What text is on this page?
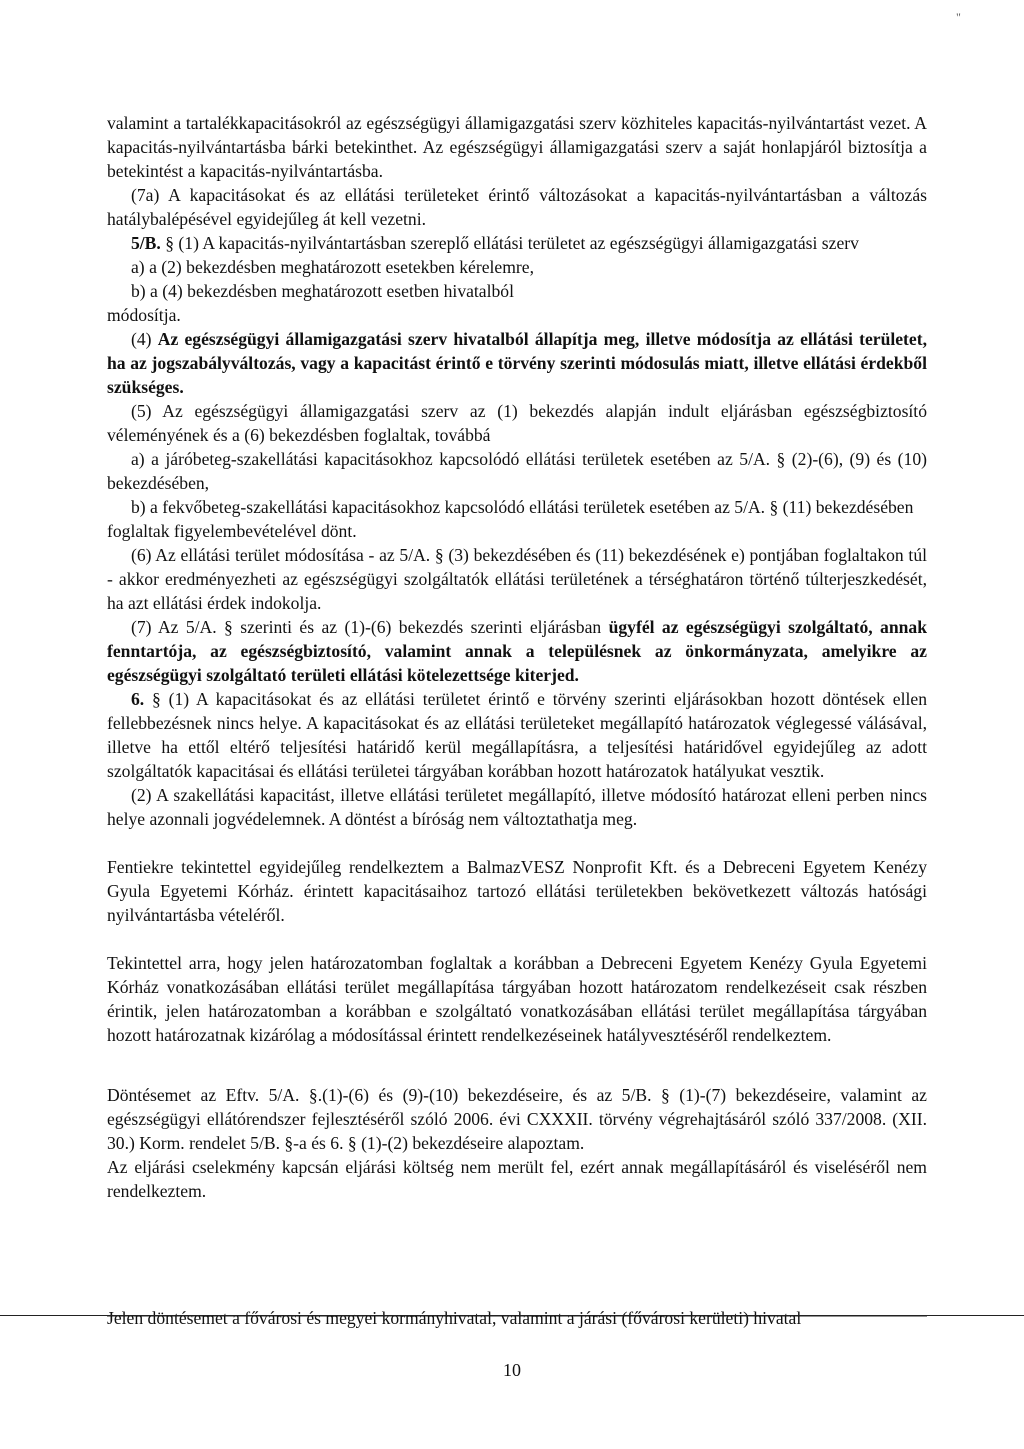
"

valamint a tartalékkapacitásokról az egészségügyi államigazgatási szerv közhiteles kapacitás-nyilvántartást vezet. A kapacitás-nyilvántartásba bárki betekinthet. Az egészségügyi államigazgatási szerv a saját honlapjáról biztosítja a betekintést a kapacitás-nyilvántartásba.

(7a) A kapacitásokat és az ellátási területeket érintő változásokat a kapacitás-nyilvántartásban a változás hatálybalépésével egyidejűleg át kell vezetni.

5/B. § (1) A kapacitás-nyilvántartásban szereplő ellátási területet az egészségügyi államigazgatási szerv

a) a (2) bekezdésben meghatározott esetekben kérelemre,

b) a (4) bekezdésben meghatározott esetben hivatalból

módosítja.

(4) Az egészségügyi államigazgatási szerv hivatalból állapítja meg, illetve módosítja az ellátási területet, ha az jogszabályváltozás, vagy a kapacitást érintő e törvény szerinti módosulás miatt, illetve ellátási érdekből szükséges.

(5) Az egészségügyi államigazgatási szerv az (1) bekezdés alapján indult eljárásban egészségbiztosító véleményének és a (6) bekezdésben foglaltak, továbbá

a) a járóbeteg-szakellátási kapacitásokhoz kapcsolódó ellátási területek esetében az 5/A. § (2)-(6), (9) és (10) bekezdésében,

b) a fekvőbeteg-szakellátási kapacitásokhoz kapcsolódó ellátási területek esetében az 5/A. § (11) bekezdésében

foglaltak figyelembevételével dönt.

(6) Az ellátási terület módosítása - az 5/A. § (3) bekezdésében és (11) bekezdésének e) pontjában foglaltakon túl - akkor eredményezheti az egészségügyi szolgáltatók ellátási területének a térséghatáron történő túlterjeszkedését, ha azt ellátási érdek indokolja.

(7) Az 5/A. § szerinti és az (1)-(6) bekezdés szerinti eljárásban ügyfél az egészségügyi szolgáltató, annak fenntartója, az egészségbiztosító, valamint annak a településnek az önkormányzata, amelyikre az egészségügyi szolgáltató területi ellátási kötelezettsége kiterjed.

6. § (1) A kapacitásokat és az ellátási területet érintő e törvény szerinti eljárásokban hozott döntések ellen fellebbezésnek nincs helye. A kapacitásokat és az ellátási területeket megállapító határozatok véglegessé válásával, illetve ha ettől eltérő teljesítési határidő kerül megállapításra, a teljesítési határidővel egyidejűleg az adott szolgáltatók kapacitásai és ellátási területei tárgyában korábban hozott határozatok hatályukat vesztik.

(2) A szakellátási kapacitást, illetve ellátási területet megállapító, illetve módosító határozat elleni perben nincs helye azonnali jogvédelemnek. A döntést a bíróság nem változtathatja meg.

Fentiekre tekintettel egyidejűleg rendelkeztem a BalmazVESZ Nonprofit Kft. és a Debreceni Egyetem Kenézy Gyula Egyetemi Kórház. érintett kapacitásaihoz tartozó ellátási területekben bekövetkezett változás hatósági nyilvántartásba vételéről.

Tekintettel arra, hogy jelen határozatomban foglaltak a korábban a Debreceni Egyetem Kenézy Gyula Egyetemi Kórház vonatkozásában ellátási terület megállapítása tárgyában hozott határozatom rendelkezéseit csak részben érintik, jelen határozatomban a korábban e szolgáltató vonatkozásában ellátási terület megállapítása tárgyában hozott határozatnak kizárólag a módosítással érintett rendelkezéseinek hatályvesztéséről rendelkeztem.

Döntésemet az Eftv. 5/A. §.(1)-(6) és (9)-(10) bekezdéseire, és az 5/B. § (1)-(7) bekezdéseire, valamint az egészségügyi ellátórendszer fejlesztéséről szóló 2006. évi CXXXII. törvény végrehajtásáról szóló 337/2008. (XII. 30.) Korm. rendelet 5/B. §-a és 6. § (1)-(2) bekezdéseire alapoztam.

Az eljárási cselekmény kapcsán eljárási költség nem merült fel, ezért annak megállapításáról és viseléséről nem rendelkeztem.

Jelen döntésemet a fővárosi és megyei kormányhivatal, valamint a járási (fővárosi kerületi) hivatal
10
